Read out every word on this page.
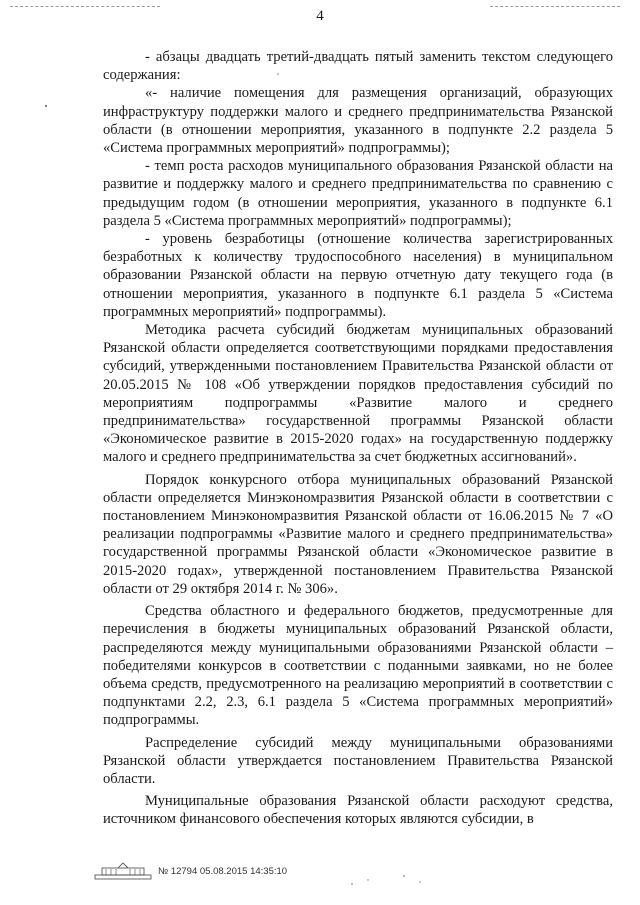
4

- абзацы двадцать третий-двадцать пятый заменить текстом следующего содержания:

«- наличие помещения для размещения организаций, образующих инфраструктуру поддержки малого и среднего предпринимательства Рязанской области (в отношении мероприятия, указанного в подпункте 2.2 раздела 5 «Система программных мероприятий» подпрограммы);

- темп роста расходов муниципального образования Рязанской области на развитие и поддержку малого и среднего предпринимательства по сравнению с предыдущим годом (в отношении мероприятия, указанного в подпункте 6.1 раздела 5 «Система программных мероприятий» подпрограммы);

- уровень безработицы (отношение количества зарегистрированных безработных к количеству трудоспособного населения) в муниципальном образовании Рязанской области на первую отчетную дату текущего года (в отношении мероприятия, указанного в подпункте 6.1 раздела 5 «Система программных мероприятий» подпрограммы).

Методика расчета субсидий бюджетам муниципальных образований Рязанской области определяется соответствующими порядками предоставления субсидий, утвержденными постановлением Правительства Рязанской области от 20.05.2015 № 108 «Об утверждении порядков предоставления субсидий по мероприятиям подпрограммы «Развитие малого и среднего предпринимательства» государственной программы Рязанской области «Экономическое развитие в 2015-2020 годах» на государственную поддержку малого и среднего предпринимательства за счет бюджетных ассигнований».

Порядок конкурсного отбора муниципальных образований Рязанской области определяется Минэкономразвития Рязанской области в соответствии с постановлением Минэкономразвития Рязанской области от 16.06.2015 № 7 «О реализации подпрограммы «Развитие малого и среднего предпринимательства» государственной программы Рязанской области «Экономическое развитие в 2015-2020 годах», утвержденной постановлением Правительства Рязанской области от 29 октября 2014 г. № 306».

Средства областного и федерального бюджетов, предусмотренные для перечисления в бюджеты муниципальных образований Рязанской области, распределяются между муниципальными образованиями Рязанской области – победителями конкурсов в соответствии с поданными заявками, но не более объема средств, предусмотренного на реализацию мероприятий в соответствии с подпунктами 2.2, 2.3, 6.1 раздела 5 «Система программных мероприятий» подпрограммы.

Распределение субсидий между муниципальными образованиями Рязанской области утверждается постановлением Правительства Рязанской области.

Муниципальные образования Рязанской области расходуют средства, источником финансового обеспечения которых являются субсидии, в

№ 12794 05.08.2015 14:35:10
